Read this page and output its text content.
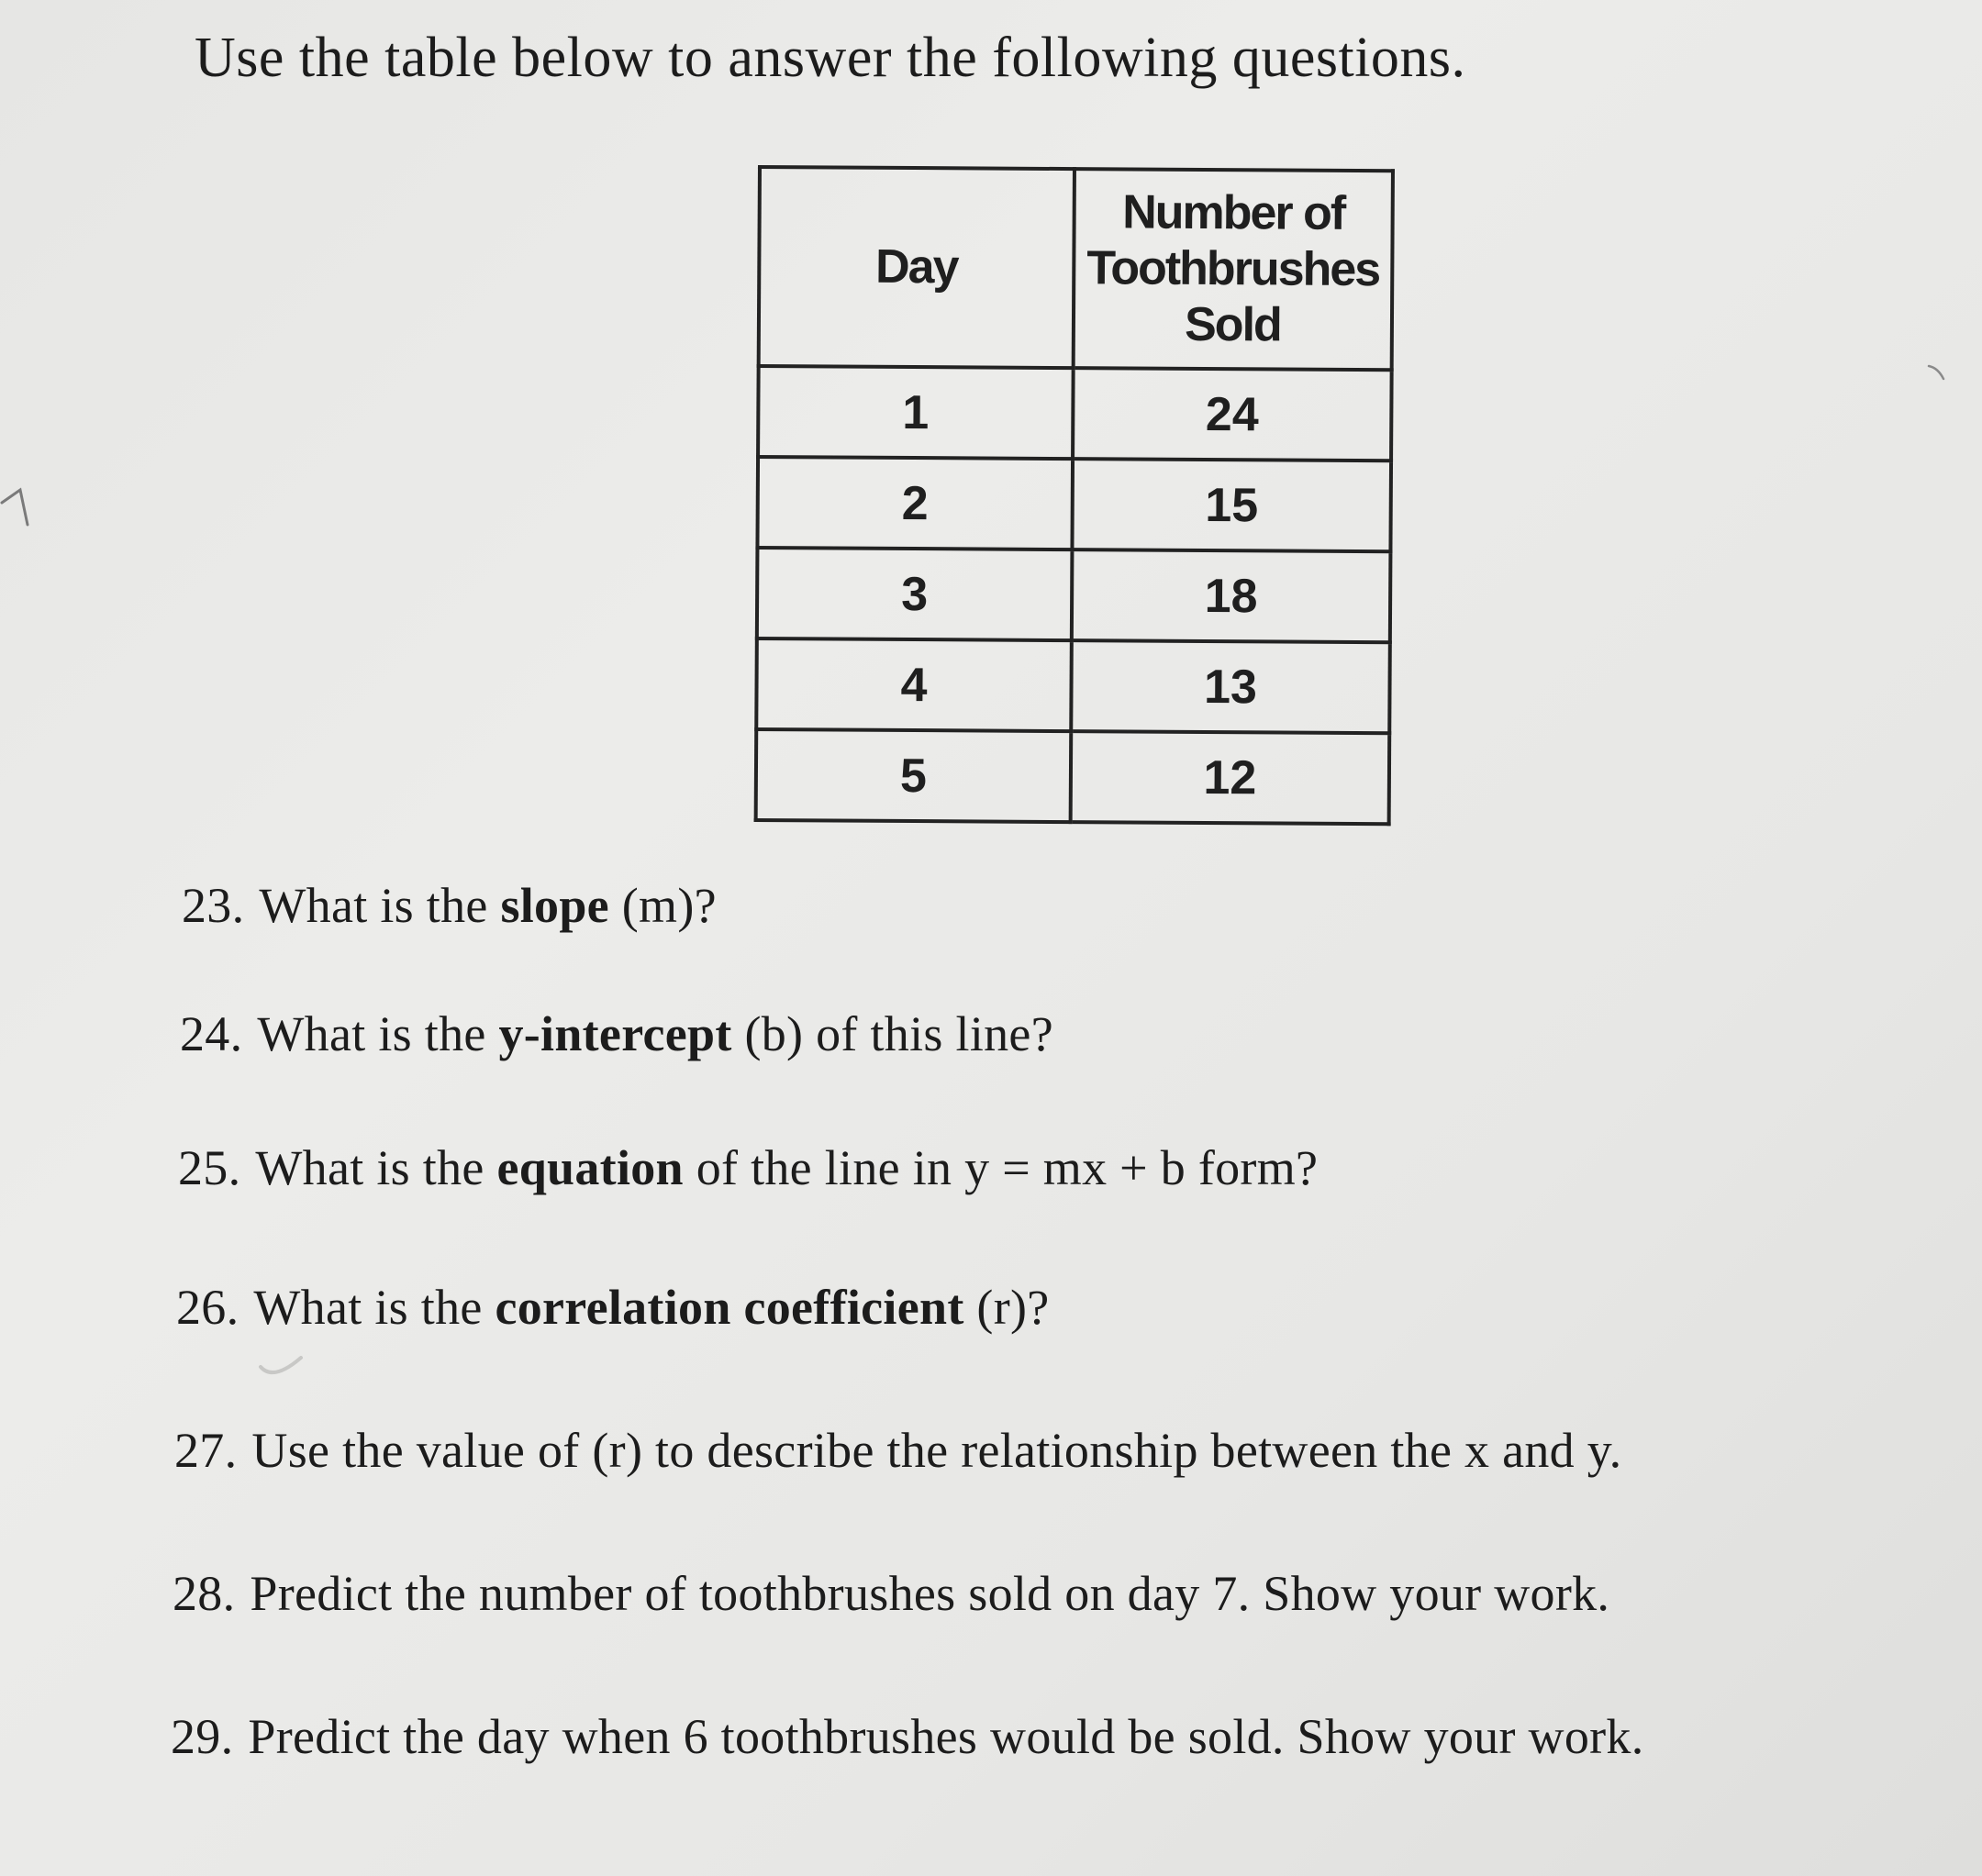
Use the table below to answer the following questions.
Day	Number of
Toothbrushes
Sold
1	24
2	15
3	18
4	13
5	12

23. What is the slope (m)?

24. What is the y-intercept (b) of this line?

25. What is the equation of the line in y = mx + b form?

26. What is the correlation coefficient (r)?

27. Use the value of (r) to describe the relationship between the x and y.

28. Predict the number of toothbrushes sold on day 7. Show your work.

29. Predict the day when 6 toothbrushes would be sold. Show your work.
